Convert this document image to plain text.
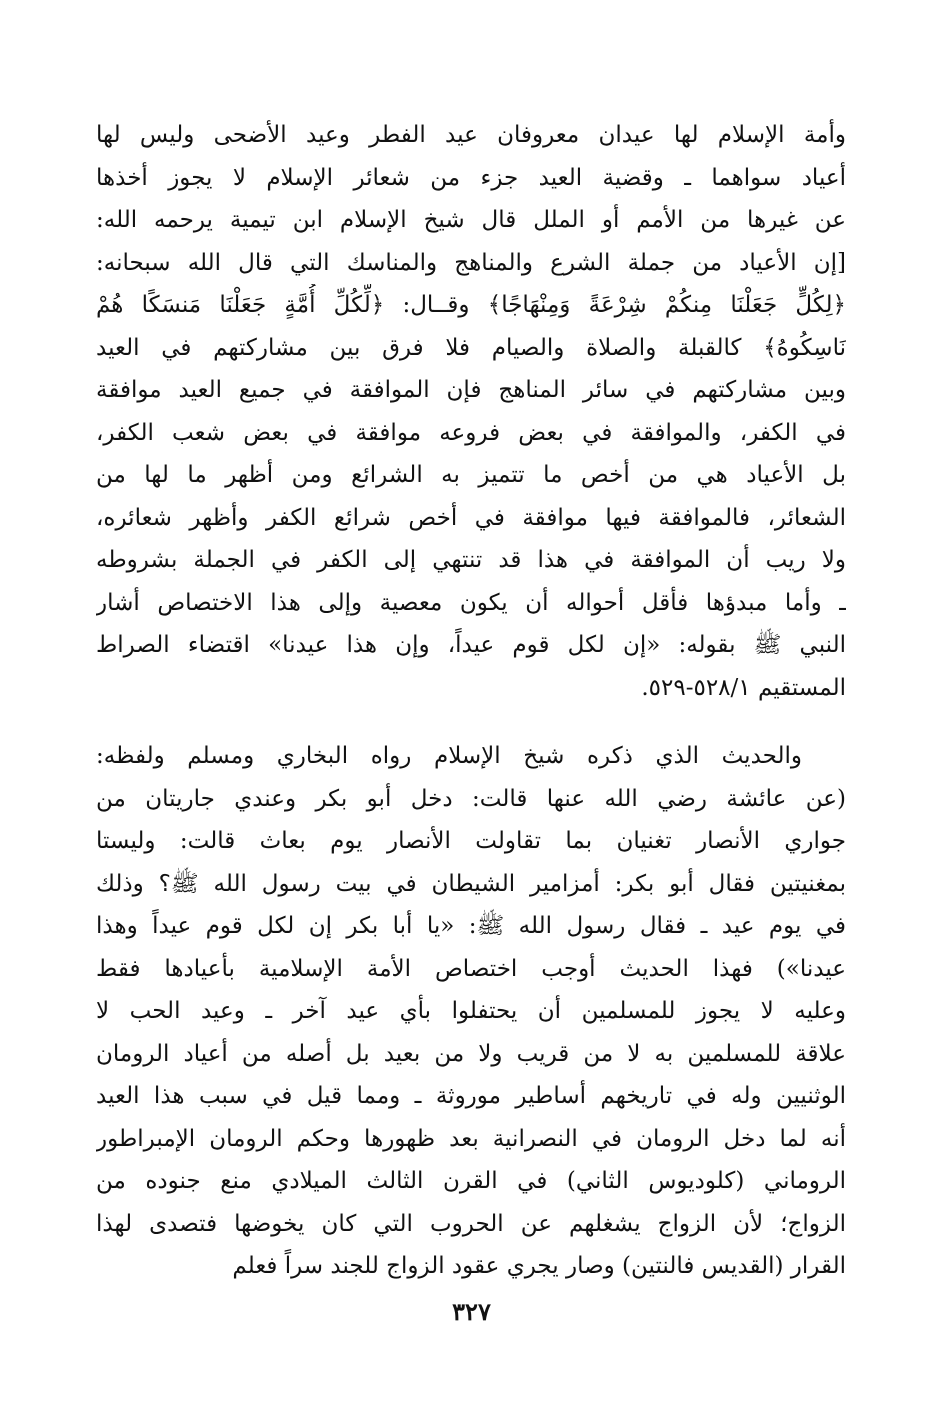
وأمة الإسلام لها عيدان معروفان عيد الفطر وعيد الأضحى وليس لها
أعياد سواهما ـ وقضية العيد جزء من شعائر الإسلام لا يجوز أخذها
عن غيرها من الأمم أو الملل قال شيخ الإسلام ابن تيمية يرحمه الله:
[إن الأعياد من جملة الشرع والمناهج والمناسك التي قال الله سبحانه:
﴿لِكُلٍّ جَعَلْنَا مِنكُمْ شِرْعَةً وَمِنْهَاجًا﴾ وقــال: ﴿لِّكُلِّ أُمَّةٍ جَعَلْنَا مَنسَكًا هُمْ
نَاسِكُوهُ﴾ كالقبلة والصلاة والصيام فلا فرق بين مشاركتهم في العيد
وبين مشاركتهم في سائر المناهج فإن الموافقة في جميع العيد موافقة
في الكفر، والموافقة في بعض فروعه موافقة في بعض شعب الكفر،
بل الأعياد هي من أخص ما تتميز به الشرائع ومن أظهر ما لها من
الشعائر، فالموافقة فيها موافقة في أخص شرائع الكفر وأظهر شعائره،
ولا ريب أن الموافقة في هذا قد تنتهي إلى الكفر في الجملة بشروطه
ـ وأما مبدؤها فأقل أحواله أن يكون معصية وإلى هذا الاختصاص أشار
النبي ﷺ بقوله: «إن لكل قوم عيداً، وإن هذا عيدنا» اقتضاء الصراط
المستقيم ٥٢٨/١-٥٢٩.
والحديث الذي ذكره شيخ الإسلام رواه البخاري ومسلم ولفظه:
(عن عائشة رضي الله عنها قالت: دخل أبو بكر وعندي جاريتان من
جواري الأنصار تغنيان بما تقاولت الأنصار يوم بعاث قالت: وليستا
بمغنيتين فقال أبو بكر: أمزامير الشيطان في بيت رسول الله ﷺ؟ وذلك
في يوم عيد ـ فقال رسول الله ﷺ: «يا أبا بكر إن لكل قوم عيداً وهذا
عيدنا») فهذا الحديث أوجب اختصاص الأمة الإسلامية بأعيادها فقط
وعليه لا يجوز للمسلمين أن يحتفلوا بأي عيد آخر ـ وعيد الحب لا
علاقة للمسلمين به لا من قريب ولا من بعيد بل أصله من أعياد الرومان
الوثنيين وله في تاريخهم أساطير موروثة ـ ومما قيل في سبب هذا العيد
أنه لما دخل الرومان في النصرانية بعد ظهورها وحكم الرومان الإمبراطور
الروماني (كلوديوس الثاني) في القرن الثالث الميلادي منع جنوده من
الزواج؛ لأن الزواج يشغلهم عن الحروب التي كان يخوضها فتصدى لهذا
القرار (القديس فالنتين) وصار يجري عقود الزواج للجند سراً فعلم
٣٢٧
